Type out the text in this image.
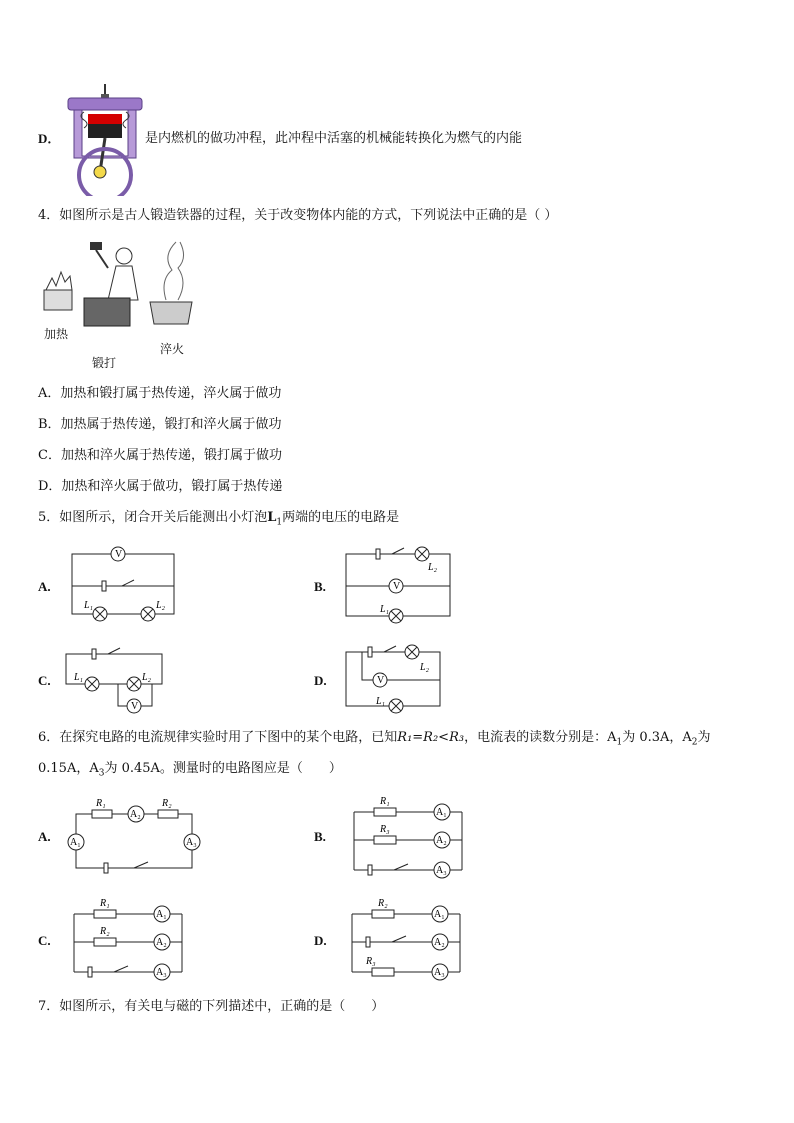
D．	是内燃机的做功冲程，此冲程中活塞的机械能转换化为燃气的内能
4．如图所示是古人锻造铁器的过程，关于改变物体内能的方式，下列说法中正确的是（ ）
加热
锻打
淬火
A．加热和锻打属于热传递，淬火属于做功
B．加热属于热传递，锻打和淬火属于做功
C．加热和淬火属于热传递，锻打属于做功
D．加热和淬火属于做功，锻打属于热传递
5．如图所示，闭合开关后能测出小灯泡$L_1$两端的电压的电路是
A.
V
L₁	L₂
B.
L₂
V
L₁
C. L₁	L₂
V
D.
L₂
V
L₁
6．在探究电路的电流规律实验时用了下图中的某个电路，已知R₁=R₂<R₃，电流表的读数分别是：$A_1$为 0.3A，$A_2$为
0.15A，$A_3$为 0.45A。测量时的电路图应是（　　）
A.
R₁
A₂
R₂
A₁	A₃	B.
R₁
A₁
R₃
A₂
A₃
C.
R₁
A₁
R₂
A₂
A₃
D.
R₂
A₁
A₂
R₃
A₃
7．如图所示，有关电与磁的下列描述中，正确的是（　　）
